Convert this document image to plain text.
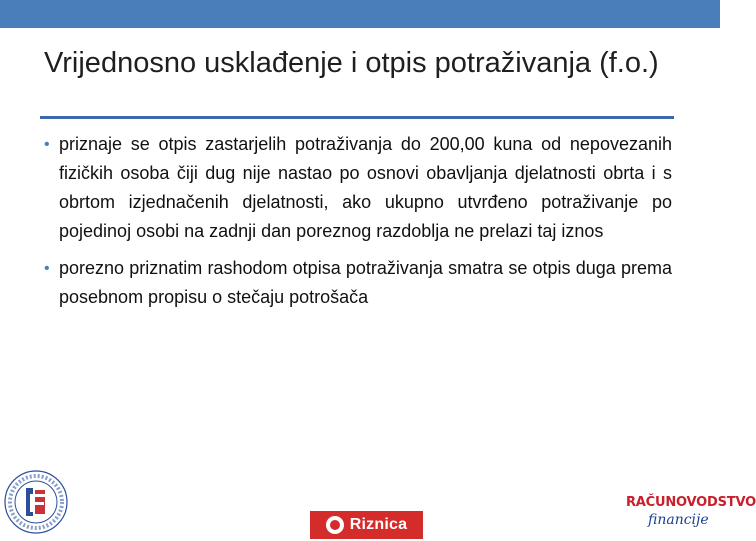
Vrijednosno usklađenje i otpis potraživanja (f.o.)
• priznaje se otpis zastarjelih potraživanja do 200,00 kuna od nepovezanih fizičkih osoba čiji dug nije nastao po osnovi obavljanja djelatnosti obrta i s obrtom izjednačenih djelatnosti, ako ukupno utvrđeno potraživanje po pojedinoj osobi na zadnji dan poreznog razdoblja ne prelazi taj iznos
• porezno priznatim rashodom otpisa potraživanja smatra se otpis duga prema posebnom propisu o stečaju potrošača
Riznica
RAČUNOVODSTVO
financije
